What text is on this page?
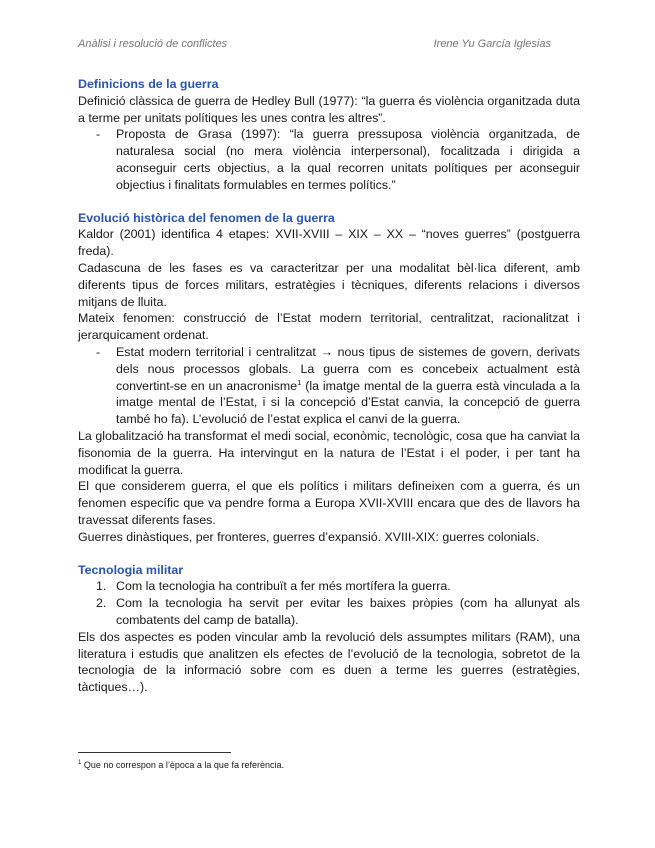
Anàlisi i resolució de conflictes	Irene Yu García Iglesias
Definicions de la guerra

Definició clàssica de guerra de Hedley Bull (1977): “la guerra és violència organitzada duta a terme per unitats polítiques les unes contra les altres”.

- Proposta de Grasa (1997): “la guerra pressuposa violència organitzada, de naturalesa social (no mera violència interpersonal), focalitzada i dirigida a aconseguir certs objectius, a la qual recorren unitats polítiques per aconseguir objectius i finalitats formulables en termes polítics.”
Evolució històrica del fenomen de la guerra

Kaldor (2001) identifica 4 etapes: XVII-XVIII – XIX – XX – “noves guerres” (postguerra freda).

Cadascuna de les fases es va caracteritzar per una modalitat bèl·lica diferent, amb diferents tipus de forces militars, estratègies i tècniques, diferents relacions i diversos mitjans de lluita.

Mateix fenomen: construcció de l’Estat modern territorial, centralitzat, racionalitzat i jerarquicament ordenat.

- Estat modern territorial i centralitzat → nous tipus de sistemes de govern, derivats dels nous processos globals. La guerra com es concebeix actualment està convertint-se en un anacronisme$^1$ (la imatge mental de la guerra està vinculada a la imatge mental de l’Estat, i si la concepció d’Estat canvia, la concepció de guerra també ho fa). L’evolució de l’estat explica el canvi de la guerra.

La globalització ha transformat el medi social, econòmic, tecnològic, cosa que ha canviat la fisonomia de la guerra. Ha intervingut en la natura de l’Estat i el poder, i per tant ha modificat la guerra.

El que considerem guerra, el que els polítics i militars defineixen com a guerra, és un fenomen específic que va pendre forma a Europa XVII-XVIII encara que des de llavors ha travessat diferents fases.

Guerres dinàstiques, per fronteres, guerres d’expansió. XVIII-XIX: guerres colonials.

Tecnologia militar
1. Com la tecnologia ha contribuït a fer més mortífera la guerra.
2. Com la tecnologia ha servit per evitar les baixes pròpies (com ha allunyat als combatents del camp de batalla).

Els dos aspectes es poden vincular amb la revolució dels assumptes militars (RAM), una literatura i estudis que analitzen els efectes de l’evolució de la tecnologia, sobretot de la tecnologia de la informació sobre com es duen a terme les guerres (estratègies, tàctiques…).

$^1$ Que no correspon a l’època a la que fa referència.
